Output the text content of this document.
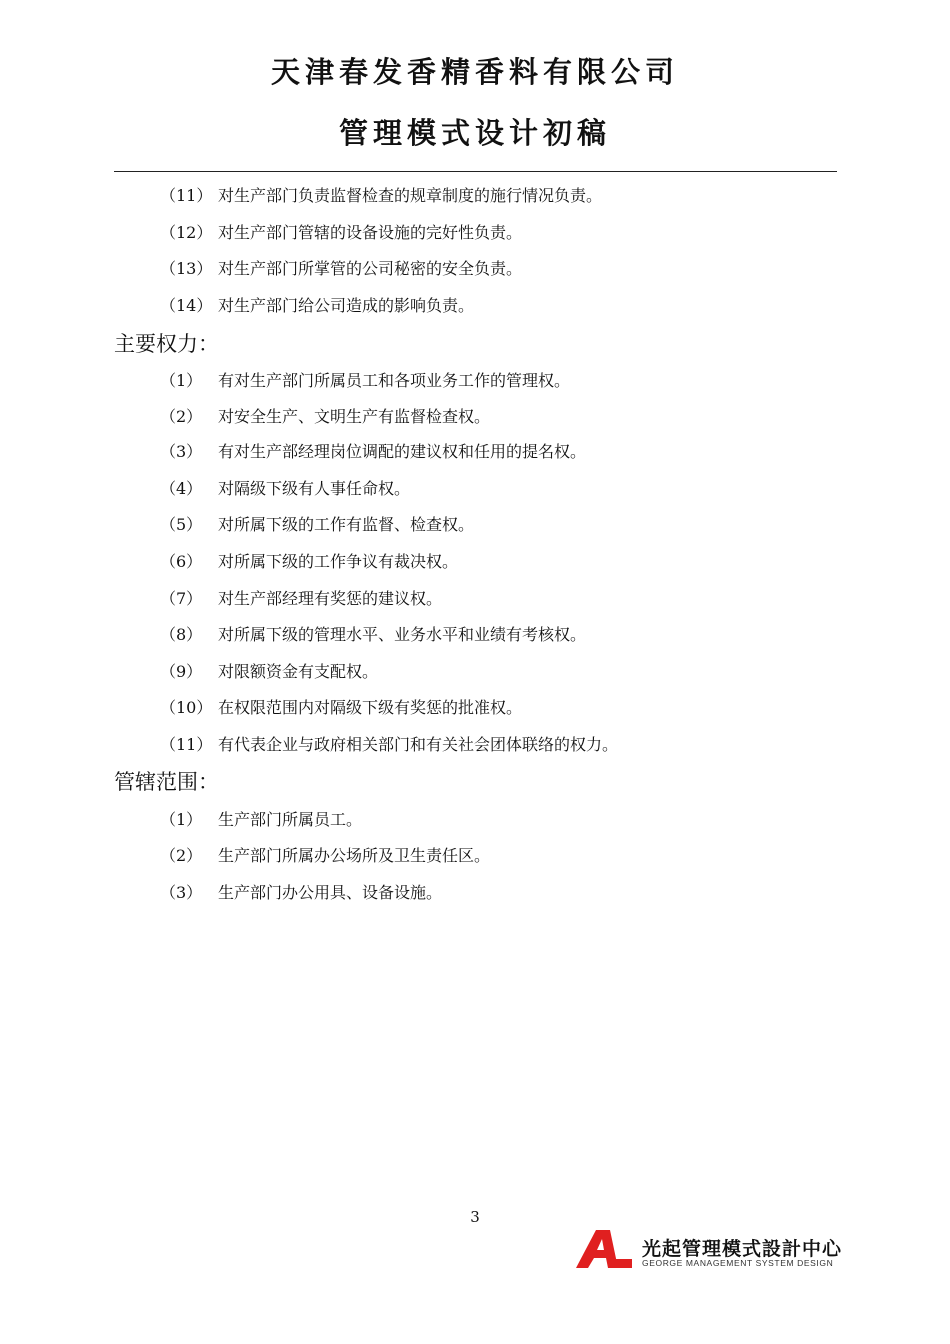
天津春发香精香料有限公司
管理模式设计初稿
（11） 对生产部门负责监督检查的规章制度的施行情况负责。
（12） 对生产部门管辖的设备设施的完好性负责。
（13） 对生产部门所掌管的公司秘密的安全负责。
（14） 对生产部门给公司造成的影响负责。
主要权力：
（1） 有对生产部门所属员工和各项业务工作的管理权。
（2） 对安全生产、文明生产有监督检查权。
（3） 有对生产部经理岗位调配的建议权和任用的提名权。
（4） 对隔级下级有人事任命权。
（5） 对所属下级的工作有监督、检查权。
（6） 对所属下级的工作争议有裁决权。
（7） 对生产部经理有奖惩的建议权。
（8） 对所属下级的管理水平、业务水平和业绩有考核权。
（9） 对限额资金有支配权。
（10） 在权限范围内对隔级下级有奖惩的批准权。
（11） 有代表企业与政府相关部门和有关社会团体联络的权力。
管辖范围：
（1） 生产部门所属员工。
（2） 生产部门所属办公场所及卫生责任区。
（3） 生产部门办公用具、设备设施。
3
光起管理模式設計中心
GEORGE MANAGEMENT SYSTEM DESIGN
